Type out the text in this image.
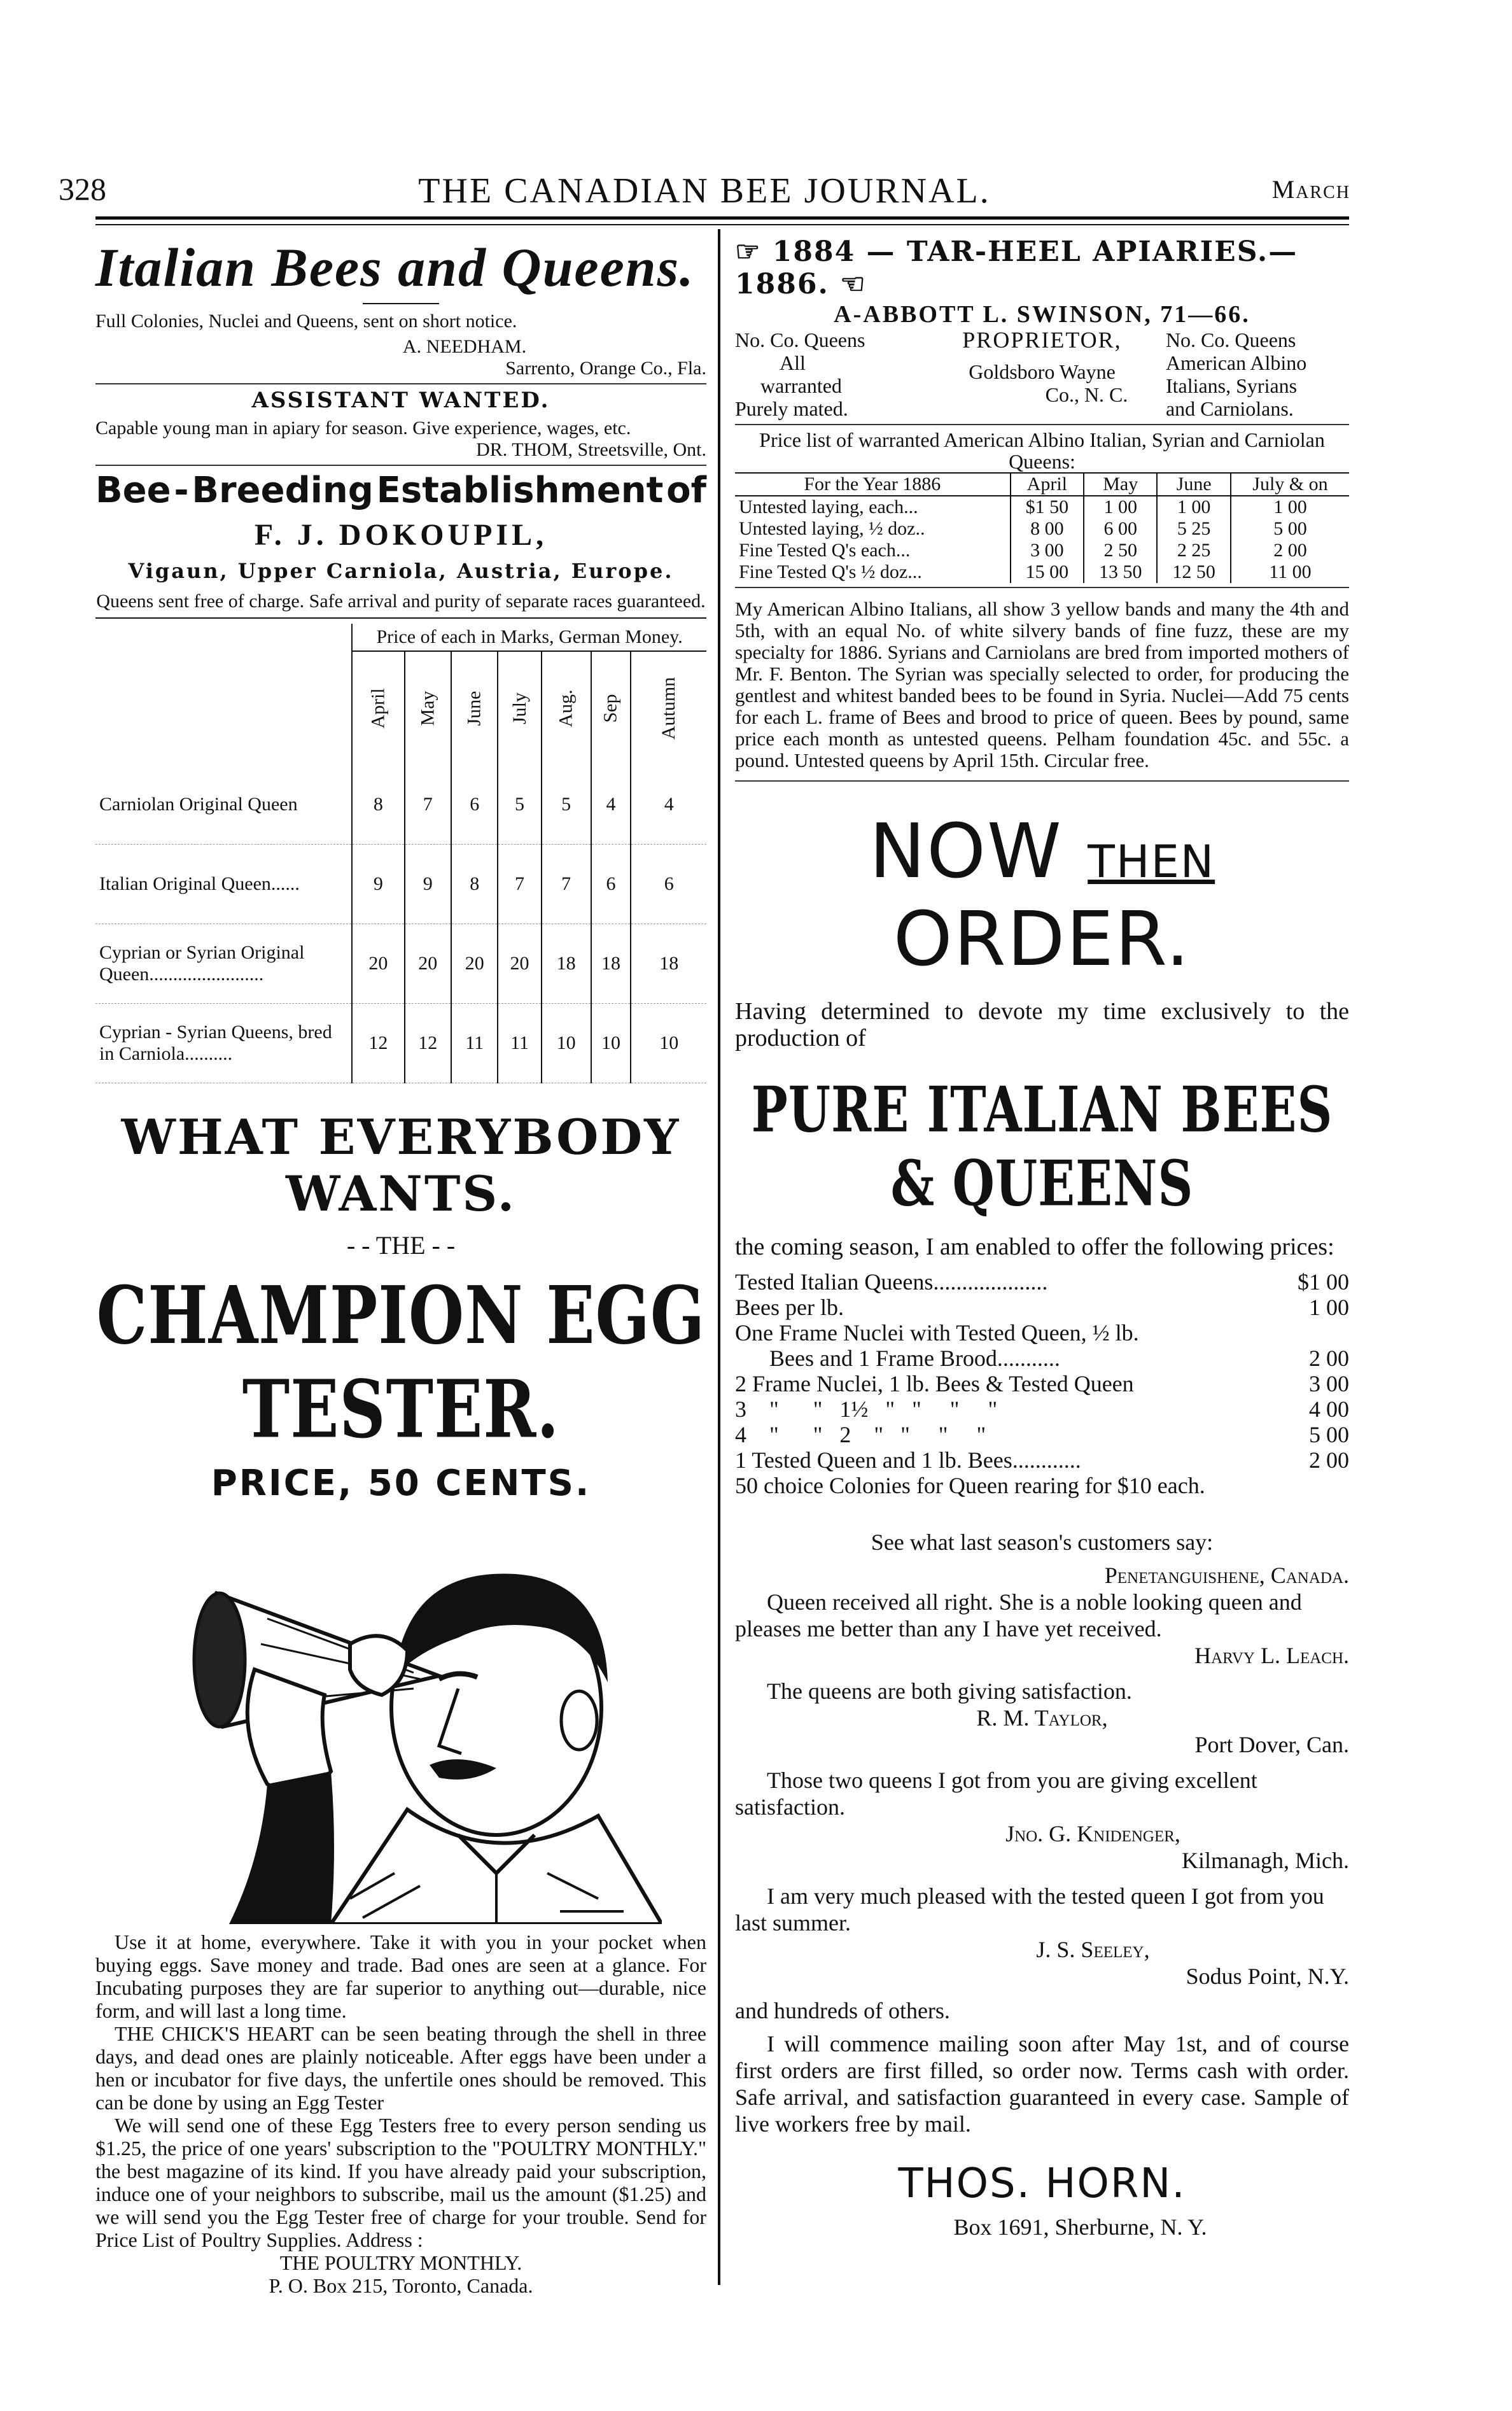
328	THE CANADIAN BEE JOURNAL.	March
Italian Bees and Queens.
Full Colonies, Nuclei and Queens, sent on short notice.
A. NEEDHAM.
Sarrento, Orange Co., Fla.
ASSISTANT WANTED.
Capable young man in apiary for season. Give experience, wages, etc.
DR. THOM, Streetsville, Ont.
Bee - Breeding Establishment of
F. J. DOKOUPIL,
Vigaun, Upper Carniola, Austria, Europe.
Queens sent free of charge. Safe arrival and purity of separate races guaranteed.
	Price of each in Marks, German Money.						
	April	May	June	July	Aug.	Sep	Autumn
Carniolan Original Queen	8	7	6	5	5	4	4
Italian Original Queen......	9	9	8	7	7	6	6
Cyprian or Syrian Original Queen........................	20	20	20	20	18	18	18
Cyprian - Syrian Queens, bred in Carniola..........	12	12	11	11	10	10	10
WHAT EVERYBODY WANTS.
- - THE - -
CHAMPION EGG TESTER.
PRICE, 50 CENTS.

Use it at home, everywhere. Take it with you in your pocket when buying eggs. Save money and trade. Bad ones are seen at a glance. For Incubating purposes they are far superior to anything out—durable, nice form, and will last a long time.

THE CHICK'S HEART can be seen beating through the shell in three days, and dead ones are plainly noticeable. After eggs have been under a hen or incubator for five days, the unfertile ones should be removed. This can be done by using an Egg Tester

We will send one of these Egg Testers free to every person sending us $1.25, the price of one years' subscription to the "POULTRY MONTHLY." the best magazine of its kind. If you have already paid your subscription, induce one of your neighbors to subscribe, mail us the amount ($1.25) and we will send you the Egg Tester free of charge for your trouble. Send for Price List of Poultry Supplies. Address :

THE POULTRY MONTHLY.
P. O. Box 215, Toronto, Canada.
☞ 1884 — TAR-HEEL APIARIES.— 1886. ☜
A-ABBOTT L. SWINSON, 71—66.
No. Co. Queens
All
warranted
Purely mated.
PROPRIETOR,
Goldsboro Wayne
Co., N. C.
No. Co. Queens
American Albino
Italians, Syrians
and Carniolans.
Price list of warranted American Albino Italian, Syrian and Carniolan Queens:
For the Year 1886	April	May	June	July & on
Untested laying, each...	$1 50	1 00	1 00	1 00
Untested laying, ½ doz..	8 00	6 00	5 25	5 00
Fine Tested Q's each...	3 00	2 50	2 25	2 00
Fine Tested Q's ½ doz...	15 00	13 50	12 50	11 00
My American Albino Italians, all show 3 yellow bands and many the 4th and 5th, with an equal No. of white silvery bands of fine fuzz, these are my specialty for 1886. Syrians and Carniolans are bred from imported mothers of Mr. F. Benton. The Syrian was specially selected to order, for producing the gentlest and whitest banded bees to be found in Syria. Nuclei—Add 75 cents for each L. frame of Bees and brood to price of queen. Bees by pound, same price each month as untested queens. Pelham foundation 45c. and 55c. a pound. Untested queens by April 15th. Circular free.
NOW THEN ORDER.
Having determined to devote my time exclusively to the production of
PURE ITALIAN BEES & QUEENS
the coming season, I am enabled to offer the following prices:
Tested Italian Queens....................	$1 00
Bees per lb.	1 00
One Frame Nuclei with Tested Queen, ½ lb.
Bees and 1 Frame Brood...........	2 00
2 Frame Nuclei, 1 lb. Bees & Tested Queen	3 00
3    "      "   1½   "   "     "     "	4 00
4    "      "   2    "   "     "     "	5 00
1 Tested Queen and 1 lb. Bees............	2 00
50 choice Colonies for Queen rearing for $10 each.
See what last season's customers say:
Penetanguishene, Canada.
Queen received all right. She is a noble looking queen and pleases me better than any I have yet received.
Harvy L. Leach.
The queens are both giving satisfaction.
R. M. Taylor,
Port Dover, Can.
Those two queens I got from you are giving excellent satisfaction.
Jno. G. Knidenger,
Kilmanagh, Mich.
I am very much pleased with the tested queen I got from you last summer.
J. S. Seeley,
Sodus Point, N.Y.
and hundreds of others.
I will commence mailing soon after May 1st, and of course first orders are first filled, so order now. Terms cash with order. Safe arrival, and satisfaction guaranteed in every case. Sample of live workers free by mail.
THOS. HORN.
Box 1691, Sherburne, N. Y.
